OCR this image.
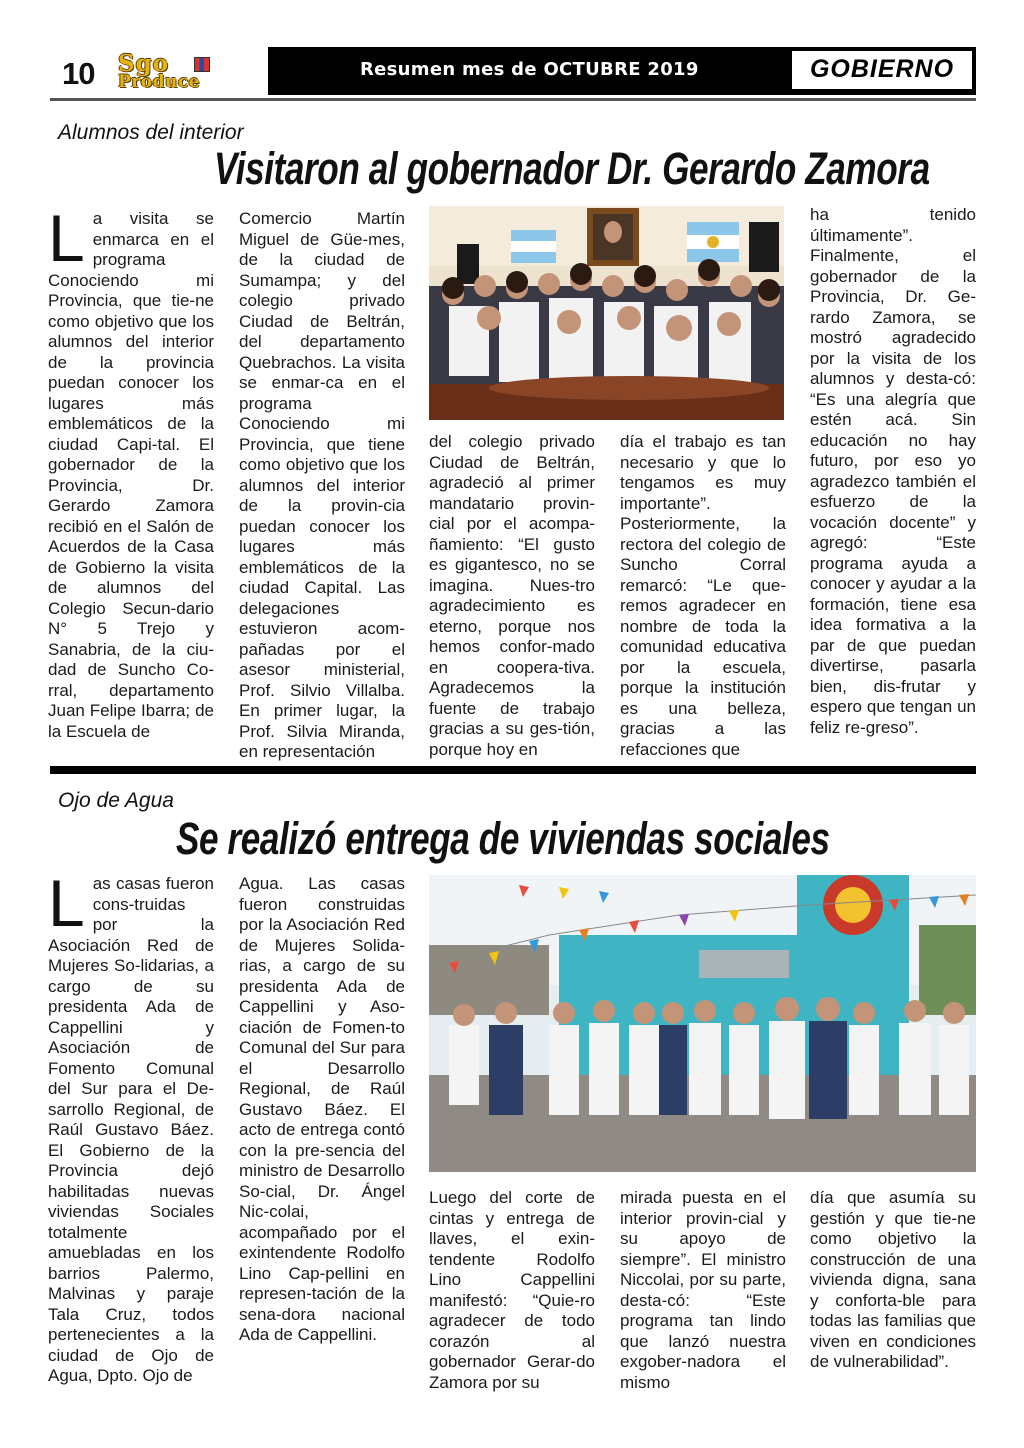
10 Sgo
Produce
Resumen mes de OCTUBRE 2019	GOBIERNO
Alumnos del interior
Visitaron al gobernador Dr. Gerardo Zamora
L a visita se enmarca en el programa Conociendo mi Provincia, que tie-ne como objetivo que los alumnos del interior de la provincia puedan conocer los lugares más emblemáticos de la ciudad Capi-tal. El gobernador de la Provincia, Dr. Gerardo Zamora recibió en el Salón de Acuerdos de la Casa de Gobierno la visita de alumnos del Colegio Secun-dario N° 5 Trejo y Sanabria, de la ciu-dad de Suncho Co-rral, departamento Juan Felipe Ibarra; de la Escuela de

Comercio Martín Miguel de Güe-mes, de la ciudad de Sumampa; y del colegio privado Ciudad de Beltrán, del departamento Quebrachos. La visita se enmar-ca en el programa Conociendo mi Provincia, que tiene como objetivo que los alumnos del interior de la provin-cia puedan conocer los lugares más emblemáticos de la ciudad Capital. Las delegaciones estuvieron acom-pañadas por el asesor ministerial, Prof. Silvio Villalba. En primer lugar, la Prof. Silvia Miranda, en representación

del colegio privado Ciudad de Beltrán, agradeció al primer mandatario provin-cial por el acompa-ñamiento: “El gusto es gigantesco, no se imagina. Nues-tro agradecimiento es eterno, porque nos hemos confor-mado en coopera-tiva. Agradecemos la fuente de trabajo gracias a su ges-tión, porque hoy en

día el trabajo es tan necesario y que lo tengamos es muy importante”. Posteriormente, la rectora del colegio de Suncho Corral remarcó: “Le que-remos agradecer en nombre de toda la comunidad educativa por la escuela, porque la institución es una belleza, gracias a las refacciones que

ha tenido últimamente”. Finalmente, el gobernador de la Provincia, Dr. Ge-rardo Zamora, se mostró agradecido por la visita de los alumnos y desta-có: “Es una alegría que estén acá. Sin educación no hay futuro, por eso yo agradezco también el esfuerzo de la vocación docente” y agregó: “Este programa ayuda a conocer y ayudar a la formación, tiene esa idea formativa a la par de que puedan divertirse, pasarla bien, dis-frutar y espero que tengan un feliz re-greso”.

Ojo de Agua
Se realizó entrega de viviendas sociales
L as casas fueron cons-truidas por la Asociación Red de Mujeres So-lidarias, a cargo de su presidenta Ada de Cappellini y Asociación de Fomento Comunal del Sur para el De-sarrollo Regional, de Raúl Gustavo Báez. El Gobierno de la Provincia dejó habilitadas nuevas viviendas Sociales totalmente amuebladas en los barrios Palermo, Malvinas y paraje Tala Cruz, todos pertenecientes a la ciudad de Ojo de Agua, Dpto. Ojo de

Agua. Las casas fueron construidas por la Asociación Red de Mujeres Solida-rias, a cargo de su presidenta Ada de Cappellini y Aso-ciación de Fomen-to Comunal del Sur para el Desarrollo Regional, de Raúl Gustavo Báez. El acto de entrega contó con la pre-sencia del ministro de Desarrollo So-cial, Dr. Ángel Nic-colai, acompañado por el exintendente Rodolfo Lino Cap-pellini en represen-tación de la sena-dora nacional Ada de Cappellini.

Luego del corte de cintas y entrega de llaves, el exin-tendente Rodolfo Lino Cappellini manifestó: “Quie-ro agradecer de todo corazón al gobernador Gerar-do Zamora por su

mirada puesta en el interior provin-cial y su apoyo de siempre”. El ministro Niccolai, por su parte, desta-có: “Este programa tan lindo que lanzó nuestra exgober-nadora el mismo

día que asumía su gestión y que tie-ne como objetivo la construcción de una vivienda digna, sana y conforta-ble para todas las familias que viven en condiciones de vulnerabilidad”.
